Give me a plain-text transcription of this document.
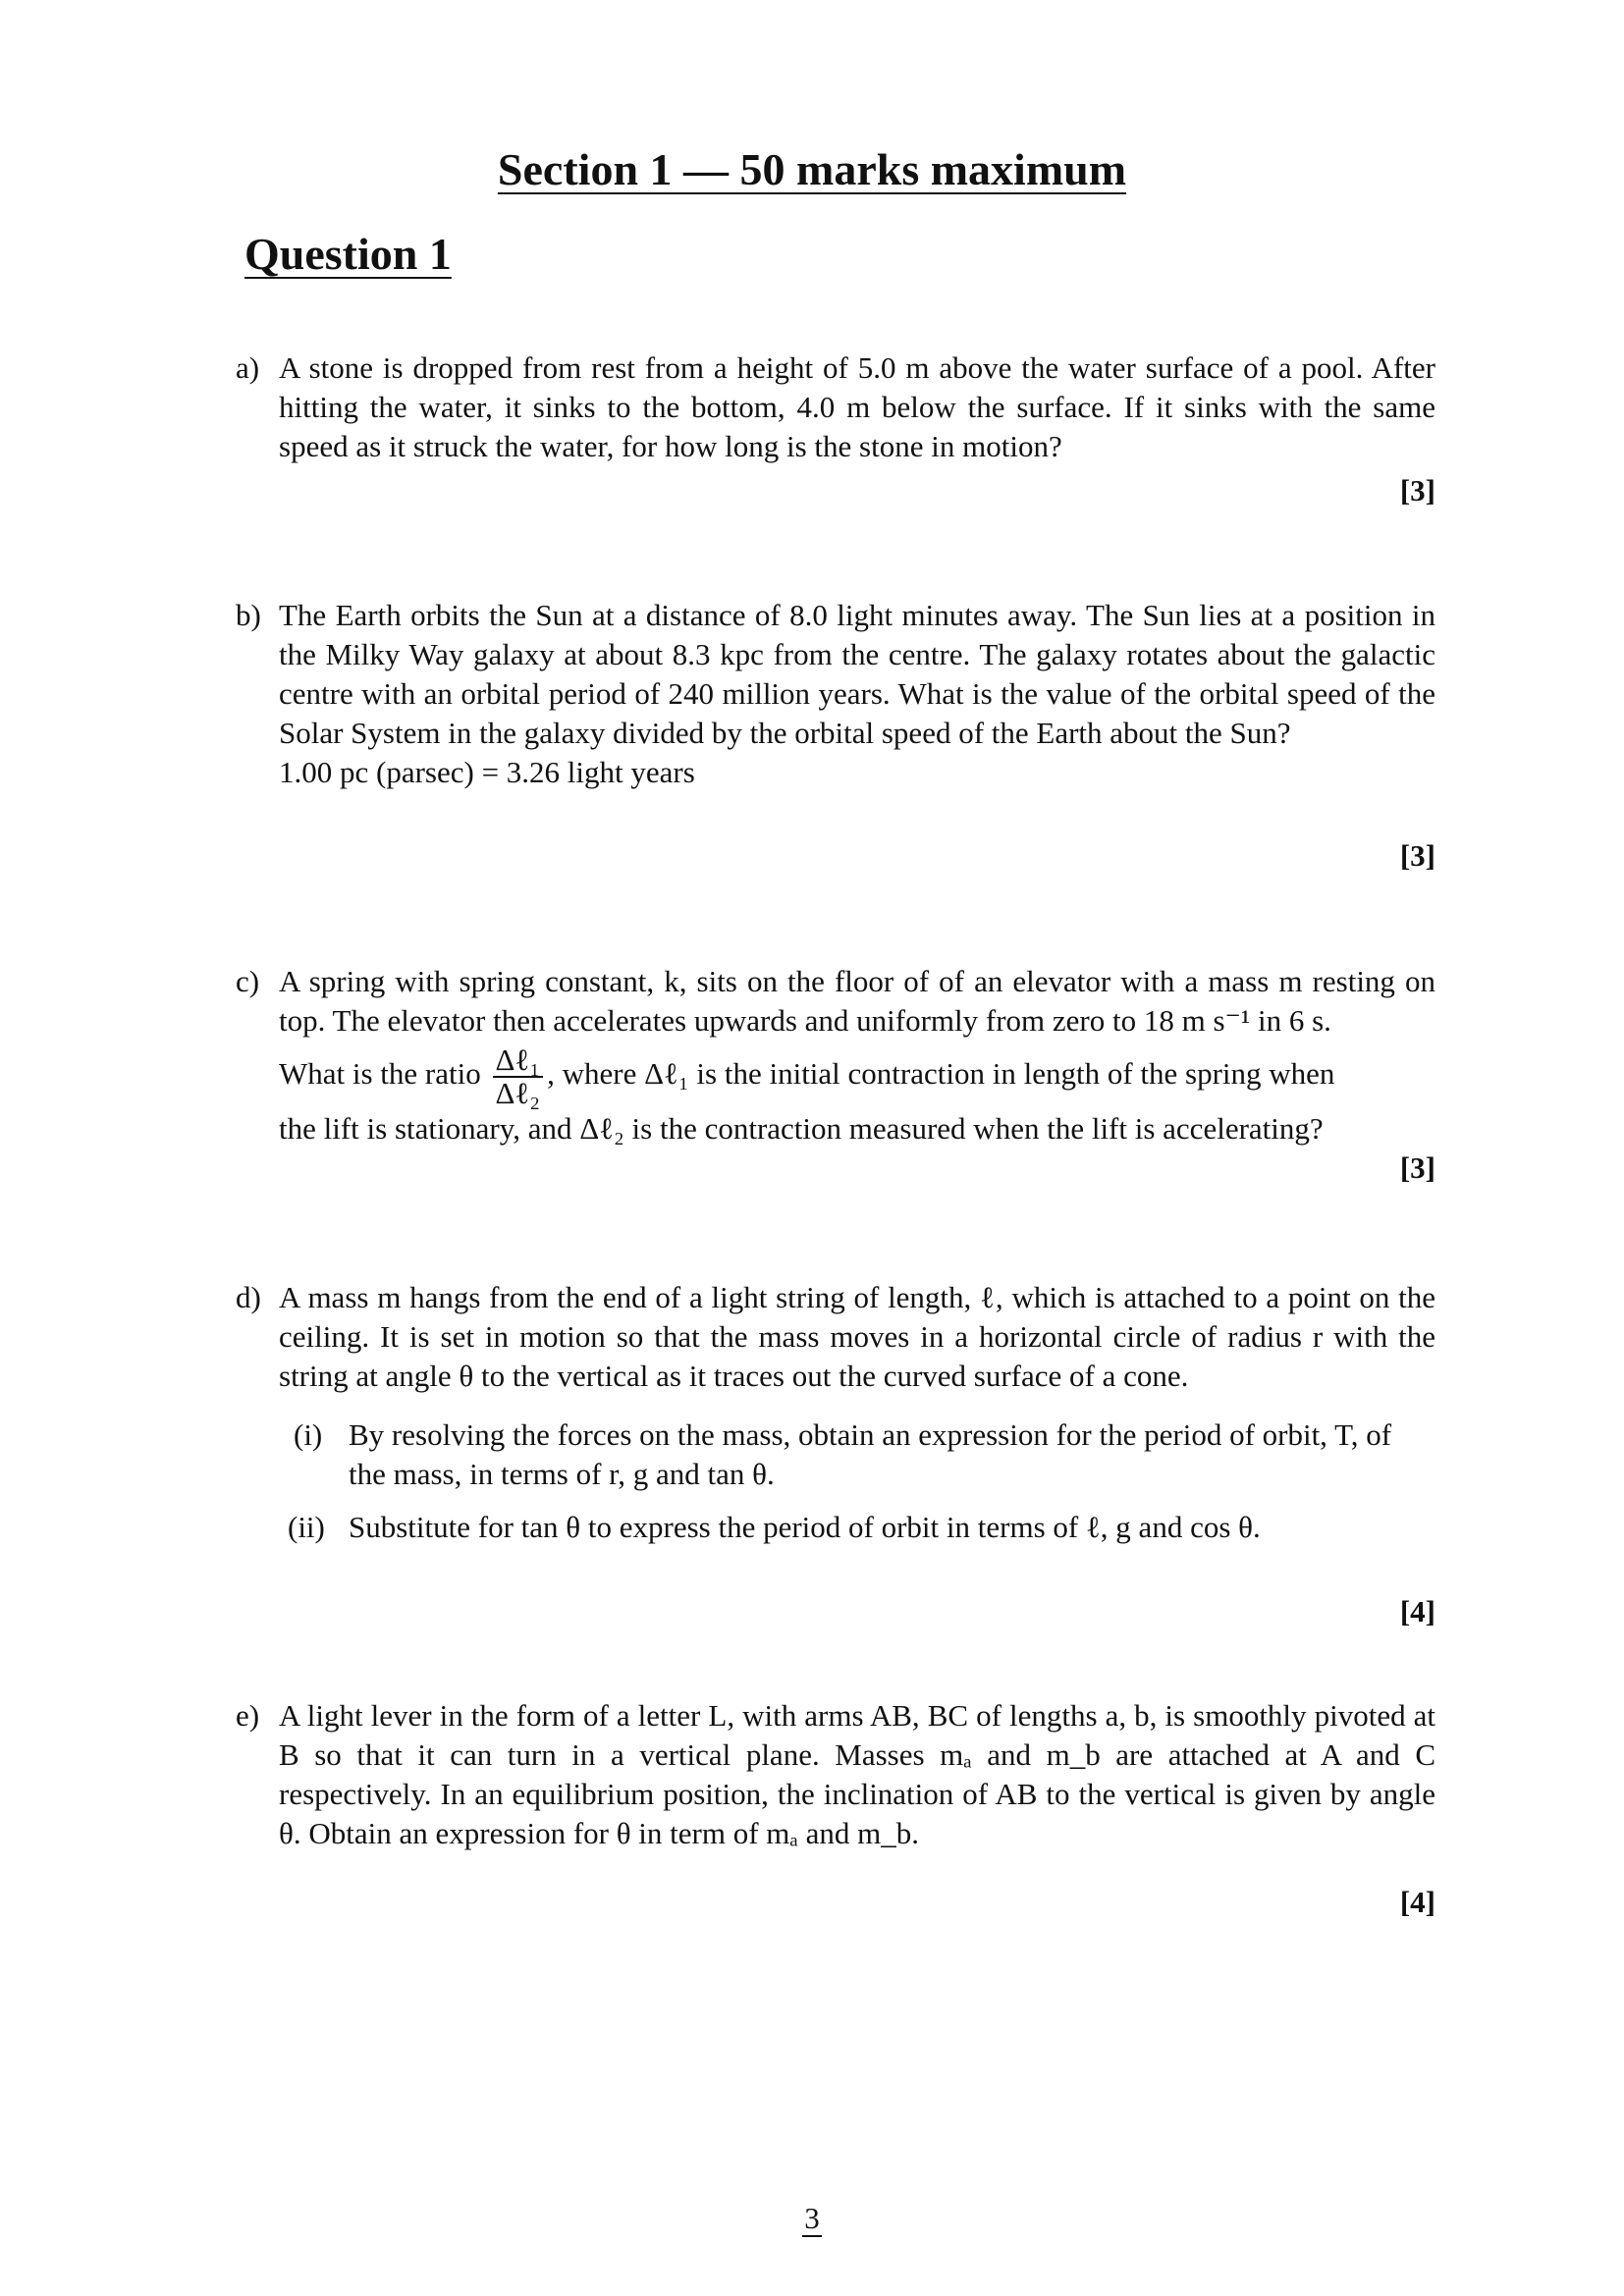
Section 1 — 50 marks maximum
Question 1
a) A stone is dropped from rest from a height of 5.0 m above the water surface of a pool. After hitting the water, it sinks to the bottom, 4.0 m below the surface. If it sinks with the same speed as it struck the water, for how long is the stone in motion?

[3]
b) The Earth orbits the Sun at a distance of 8.0 light minutes away. The Sun lies at a position in the Milky Way galaxy at about 8.3 kpc from the centre. The galaxy rotates about the galactic centre with an orbital period of 240 million years. What is the value of the orbital speed of the Solar System in the galaxy divided by the orbital speed of the Earth about the Sun?

1.00 pc (parsec) = 3.26 light years

[3]
c) A spring with spring constant, k, sits on the floor of of an elevator with a mass m resting on top. The elevator then accelerates upwards and uniformly from zero to 18 m s⁻¹ in 6 s.

What is the ratio $\frac{\text{Δℓ₁}}{\text{Δℓ₂}}$ , where Δℓ₁ is the initial contraction in length of the spring when

the lift is stationary, and Δℓ₂ is the contraction measured when the lift is accelerating?

[3]
d) A mass m hangs from the end of a light string of length, ℓ, which is attached to a point on the ceiling. It is set in motion so that the mass moves in a horizontal circle of radius r with the string at angle θ to the vertical as it traces out the curved surface of a cone.

(i) By resolving the forces on the mass, obtain an expression for the period of orbit, T, of the mass, in terms of r, g and tan θ.

(ii) Substitute for tan θ to express the period of orbit in terms of ℓ, g and cos θ.

[4]
e) A light lever in the form of a letter L, with arms AB, BC of lengths a, b, is smoothly pivoted at B so that it can turn in a vertical plane. Masses mₐ and m_b are attached at A and C respectively. In an equilibrium position, the inclination of AB to the vertical is given by angle θ. Obtain an expression for θ in term of mₐ and m_b.

[4]
3
